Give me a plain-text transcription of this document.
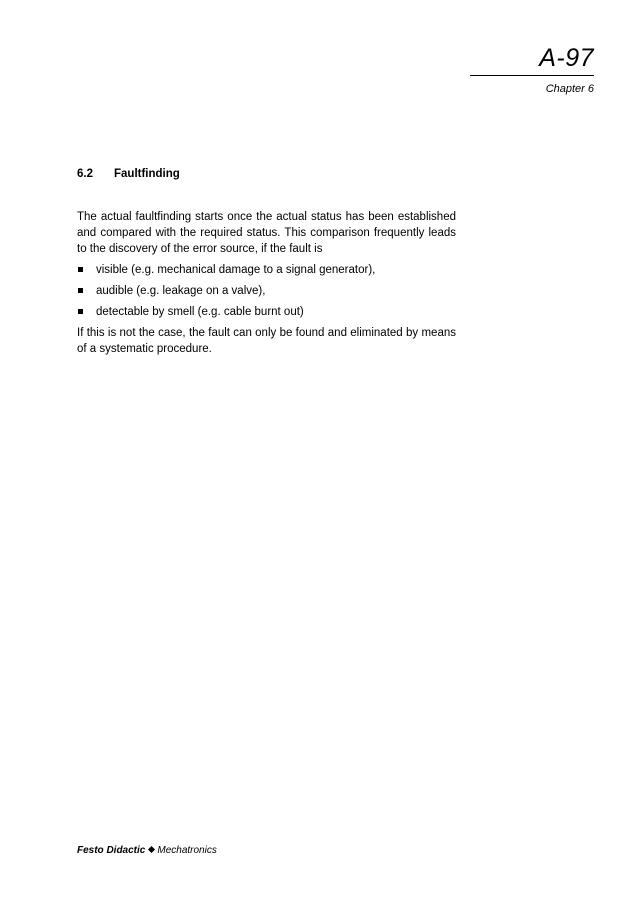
A-97
Chapter 6
6.2 Faultfinding

The actual faultfinding starts once the actual status has been established and compared with the required status. This comparison frequently leads to the discovery of the error source, if the fault is

visible (e.g. mechanical damage to a signal generator),
audible (e.g. leakage on a valve),
detectable by smell (e.g. cable burnt out)

If this is not the case, the fault can only be found and eliminated by means of a systematic procedure.

Festo Didactic Mechatronics
